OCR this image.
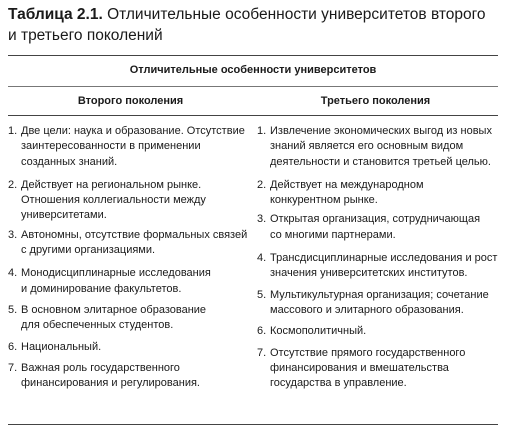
Таблица 2.1. Отличительные особенности университетов второго
и третьего поколений
Отличительные особенности университетов
Второго поколения	Третьего поколения
1. Две цели: наука и образование. Отсутствие
заинтересованности в применении
созданных знаний.
2. Действует на региональном рынке.
Отношения коллегиальности между
университетами.
3. Автономны, отсутствие формальных связей
с другими организациями.
4. Монодисциплинарные исследования
и доминирование факультетов.
5. В основном элитарное образование
для обеспеченных студентов.
6. Национальный.
7. Важная роль государственного
финансирования и регулирования.
1. Извлечение экономических выгод из новых
знаний является его основным видом
деятельности и становится третьей целью.
2. Действует на международном
конкурентном рынке.
3. Открытая организация, сотрудничающая
со многими партнерами.
4. Трансдисциплинарные исследования и рост
значения университетских институтов.
5. Мультикультурная организация; сочетание
массового и элитарного образования.
6. Космополитичный.
7. Отсутствие прямого государственного
финансирования и вмешательства
государства в управление.
